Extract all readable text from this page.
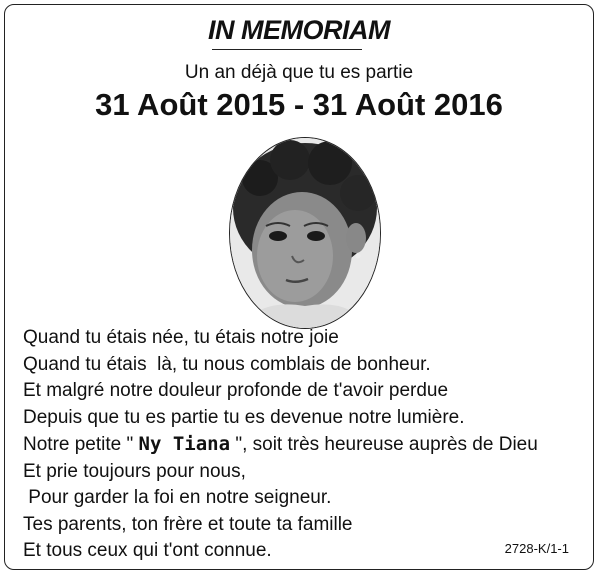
IN MEMORIAM
Un an déjà que tu es partie
31 Août 2015 - 31 Août 2016
Quand tu étais née, tu étais notre joie
Quand tu étais  là, tu nous comblais de bonheur.
Et malgré notre douleur profonde de t'avoir perdue
Depuis que tu es partie tu es devenue notre lumière.
Notre petite " Ny Tiana ", soit très heureuse auprès de Dieu
Et prie toujours pour nous,
Pour garder la foi en notre seigneur.
Tes parents, ton frère et toute ta famille
Et tous ceux qui t'ont connue.	2728-K/1-1
